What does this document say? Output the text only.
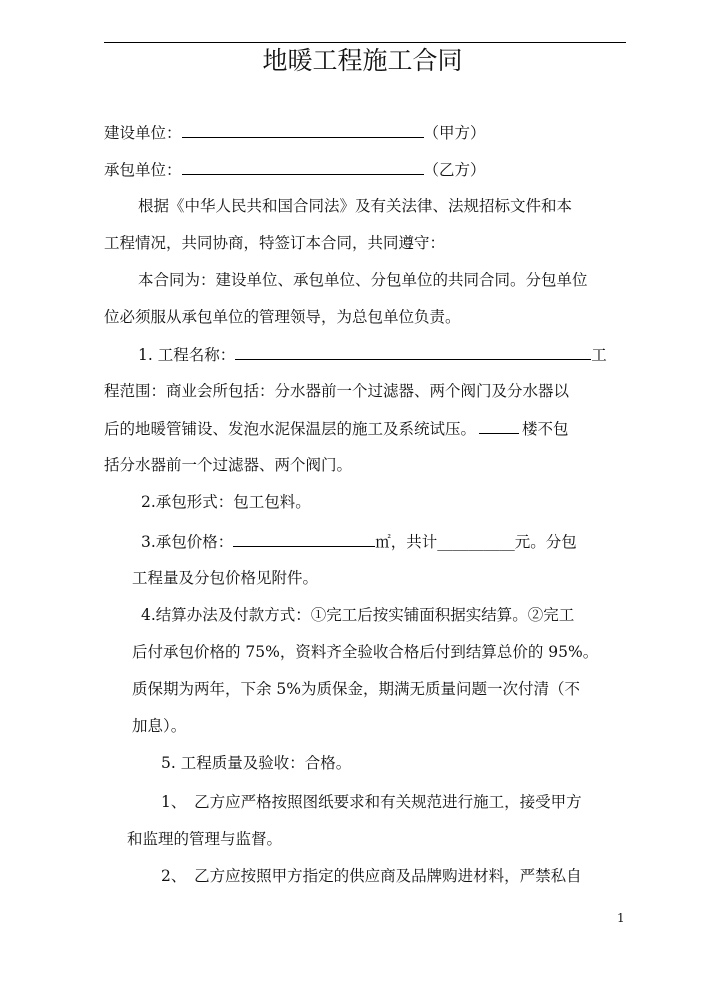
地暖工程施工合同
建设单位：	（甲方）
承包单位：	（乙方）
根据《中华人民共和国合同法》及有关法律、法规招标文件和本
工程情况，共同协商，特签订本合同，共同遵守：
本合同为：建设单位、承包单位、分包单位的共同合同。分包单位
位必须服从承包单位的管理领导，为总包单位负责。
1. 工程名称：	工
程范围：商业会所包括：分水器前一个过滤器、两个阀门及分水器以
后的地暖管铺设、发泡水泥保温层的施工及系统试压。	楼不包
括分水器前一个过滤器、两个阀门。
2.承包形式：包工包料。
3.承包价格：	㎡，共计__________元。分包
工程量及分包价格见附件。
4.结算办法及付款方式：①完工后按实铺面积据实结算。②完工
后付承包价格的 75%，资料齐全验收合格后付到结算总价的 95%。
质保期为两年，下余 5%为质保金，期满无质量问题一次付清（不
加息）。
5. 工程质量及验收：合格。
1、　乙方应严格按照图纸要求和有关规范进行施工，接受甲方
和监理的管理与监督。
2、　乙方应按照甲方指定的供应商及品牌购进材料，严禁私自
1
